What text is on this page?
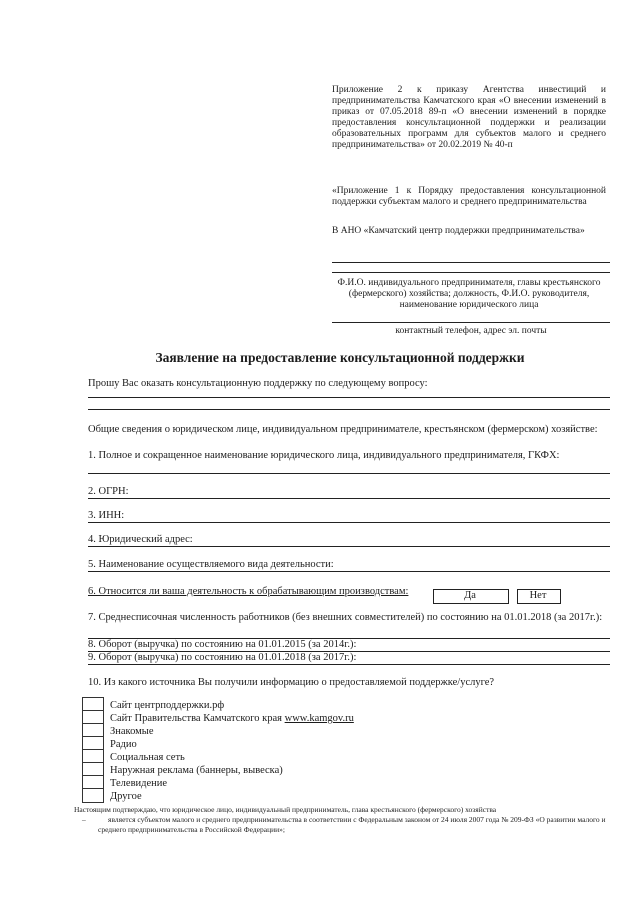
Приложение 2 к приказу Агентства инвестиций и предпринимательства Камчатского края «О внесении изменений в приказ от 07.05.2018 89-п «О внесении изменений в порядке предоставления консультационной поддержки и реализации образовательных программ для субъектов малого и среднего предпринимательства» от 20.02.2019 № 40-п
«Приложение 1 к Порядку предоставления консультационной поддержки субъектам малого и среднего предпринимательства
В АНО «Камчатский центр поддержки предпринимательства»
Ф.И.О. индивидуального предпринимателя, главы крестьянского (фермерского) хозяйства; должность, Ф.И.О. руководителя, наименование юридического лица
контактный телефон, адрес эл. почты
Заявление на предоставление консультационной поддержки
Прошу Вас оказать консультационную поддержку по следующему вопросу:
Общие сведения о юридическом лице, индивидуальном предпринимателе, крестьянском (фермерском) хозяйстве:
1. Полное и сокращенное наименование юридического лица, индивидуального предпринимателя, ГКФХ:
2. ОГРН:
3. ИНН:
4. Юридический адрес:
5. Наименование осуществляемого вида деятельности:
6. Относится ли ваша деятельность к обрабатывающим производствам:	Да	Нет
7. Среднесписочная численность работников (без внешних совместителей) по состоянию на 01.01.2018 (за 2017г.):
8. Оборот (выручка) по состоянию на 01.01.2015 (за 2014г.):
9. Оборот (выручка) по состоянию на 01.01.2018 (за 2017г.):
10. Из какого источника Вы получили информацию о предоставляемой поддержке/услуге?
Сайт центрподдержки.рф
Сайт Правительства Камчатского края www.kamgov.ru
Знакомые
Радио
Социальная сеть
Наружная реклама (баннеры, вывеска)
Телевидение
Другое
Настоящим подтверждаю, что юридическое лицо, индивидуальный предприниматель, глава крестьянского (фермерского) хозяйства
–	является субъектом малого и среднего предпринимательства в соответствии с Федеральным законом от 24 июля 2007 года № 209-ФЗ «О развитии малого и среднего предпринимательства в Российской Федерации»;
